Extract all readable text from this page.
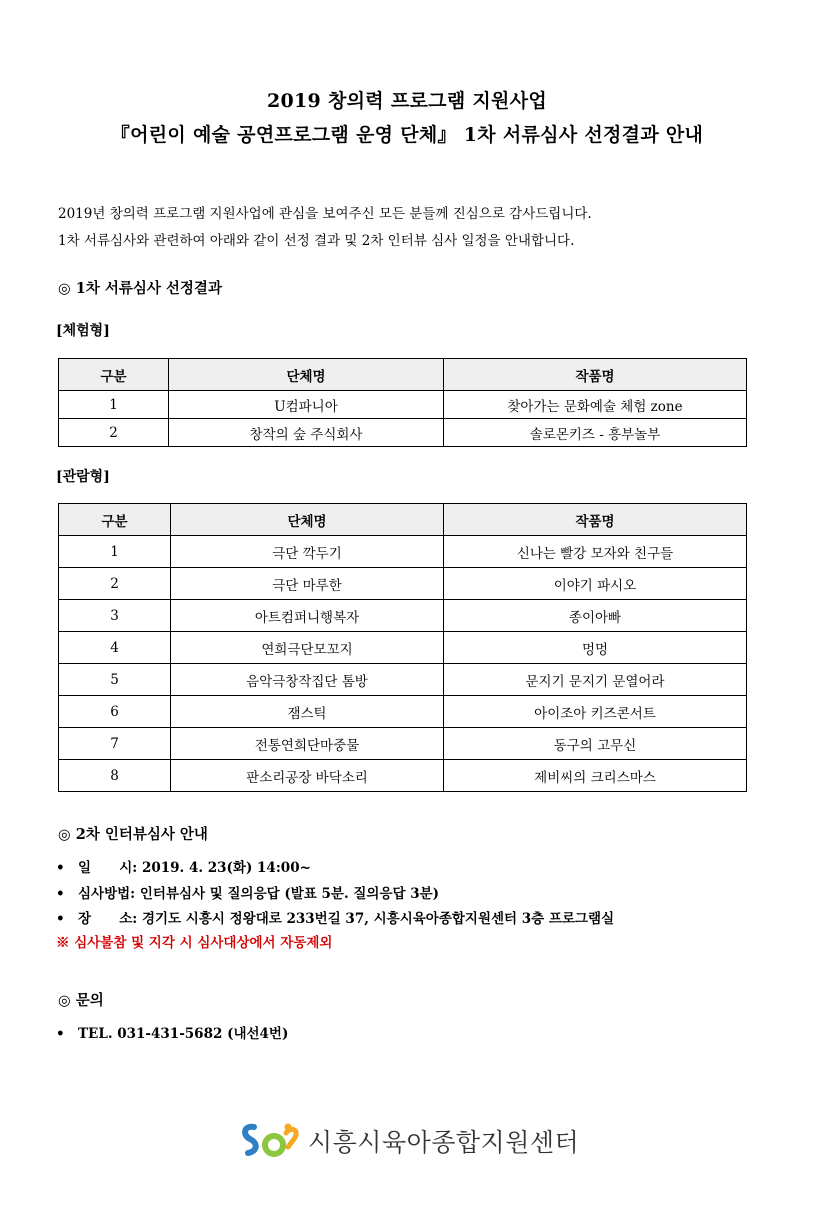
2019 창의력 프로그램 지원사업
『어린이 예술 공연프로그램 운영 단체』 1차 서류심사 선정결과 안내
2019년 창의력 프로그램 지원사업에 관심을 보여주신 모든 분들께 진심으로 감사드립니다.
1차 서류심사와 관련하여 아래와 같이 선정 결과 및 2차 인터뷰 심사 일정을 안내합니다.
◎ 1차 서류심사 선정결과
[체험형]
구분	단체명	작품명
1	U컴파니아	찾아가는 문화예술 체험 zone
2	창작의 숲 주식회사	솔로몬키즈 - 흥부놀부
[관람형]
구분	단체명	작품명
1	극단 깍두기	신나는 빨강 모자와 친구들
2	극단 마루한	이야기 파시오
3	아트컴퍼니행복자	종이아빠
4	연희극단모꼬지	멍멍
5	음악극창작집단 톰방	문지기 문지기 문열어라
6	잼스틱	아이조아 키즈콘서트
7	전통연희단마중물	동구의 고무신
8	판소리공장 바닥소리	제비씨의 크리스마스
◎ 2차 인터뷰심사 안내
• 일      시: 2019. 4. 23(화) 14:00~
• 심사방법: 인터뷰심사 및 질의응답 (발표 5분. 질의응답 3분)
• 장      소: 경기도 시흥시 정왕대로 233번길 37, 시흥시육아종합지원센터 3층 프로그램실
※ 심사불참 및 지각 시 심사대상에서 자동제외
◎ 문의
• TEL. 031-431-5682 (내선4번)
시흥시육아종합지원센터
